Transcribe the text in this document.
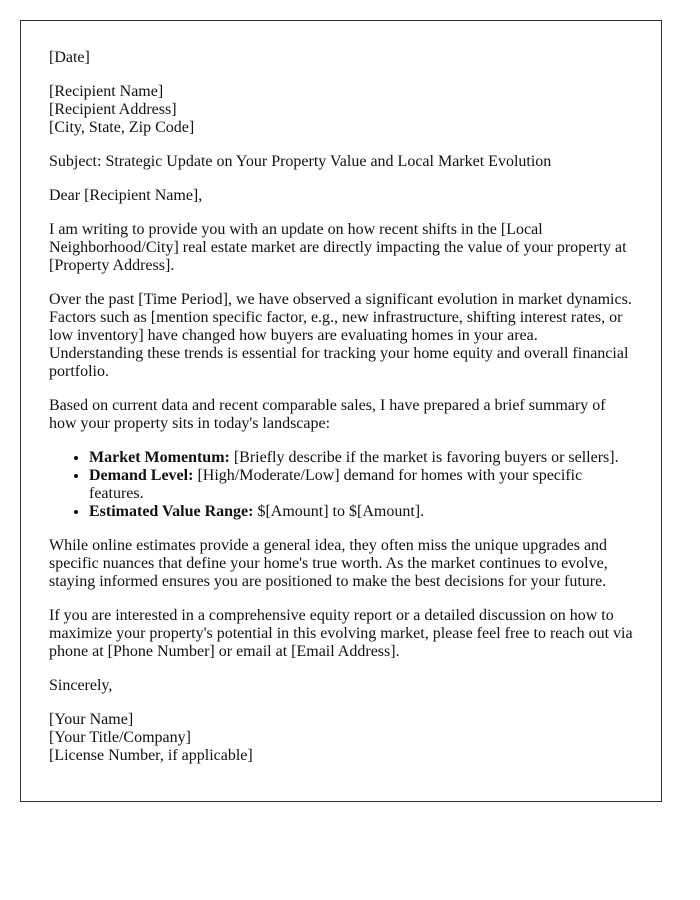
[Date]

[Recipient Name]
[Recipient Address]
[City, State, Zip Code]

Subject: Strategic Update on Your Property Value and Local Market Evolution

Dear [Recipient Name],

I am writing to provide you with an update on how recent shifts in the [Local Neighborhood/City] real estate market are directly impacting the value of your property at [Property Address].

Over the past [Time Period], we have observed a significant evolution in market dynamics. Factors such as [mention specific factor, e.g., new infrastructure, shifting interest rates, or low inventory] have changed how buyers are evaluating homes in your area. Understanding these trends is essential for tracking your home equity and overall financial portfolio.

Based on current data and recent comparable sales, I have prepared a brief summary of how your property sits in today's landscape:

• Market Momentum: [Briefly describe if the market is favoring buyers or sellers].
• Demand Level: [High/Moderate/Low] demand for homes with your specific features.
• Estimated Value Range: $[Amount] to $[Amount].

While online estimates provide a general idea, they often miss the unique upgrades and specific nuances that define your home's true worth. As the market continues to evolve, staying informed ensures you are positioned to make the best decisions for your future.

If you are interested in a comprehensive equity report or a detailed discussion on how to maximize your property's potential in this evolving market, please feel free to reach out via phone at [Phone Number] or email at [Email Address].

Sincerely,

[Your Name]
[Your Title/Company]
[License Number, if applicable]
